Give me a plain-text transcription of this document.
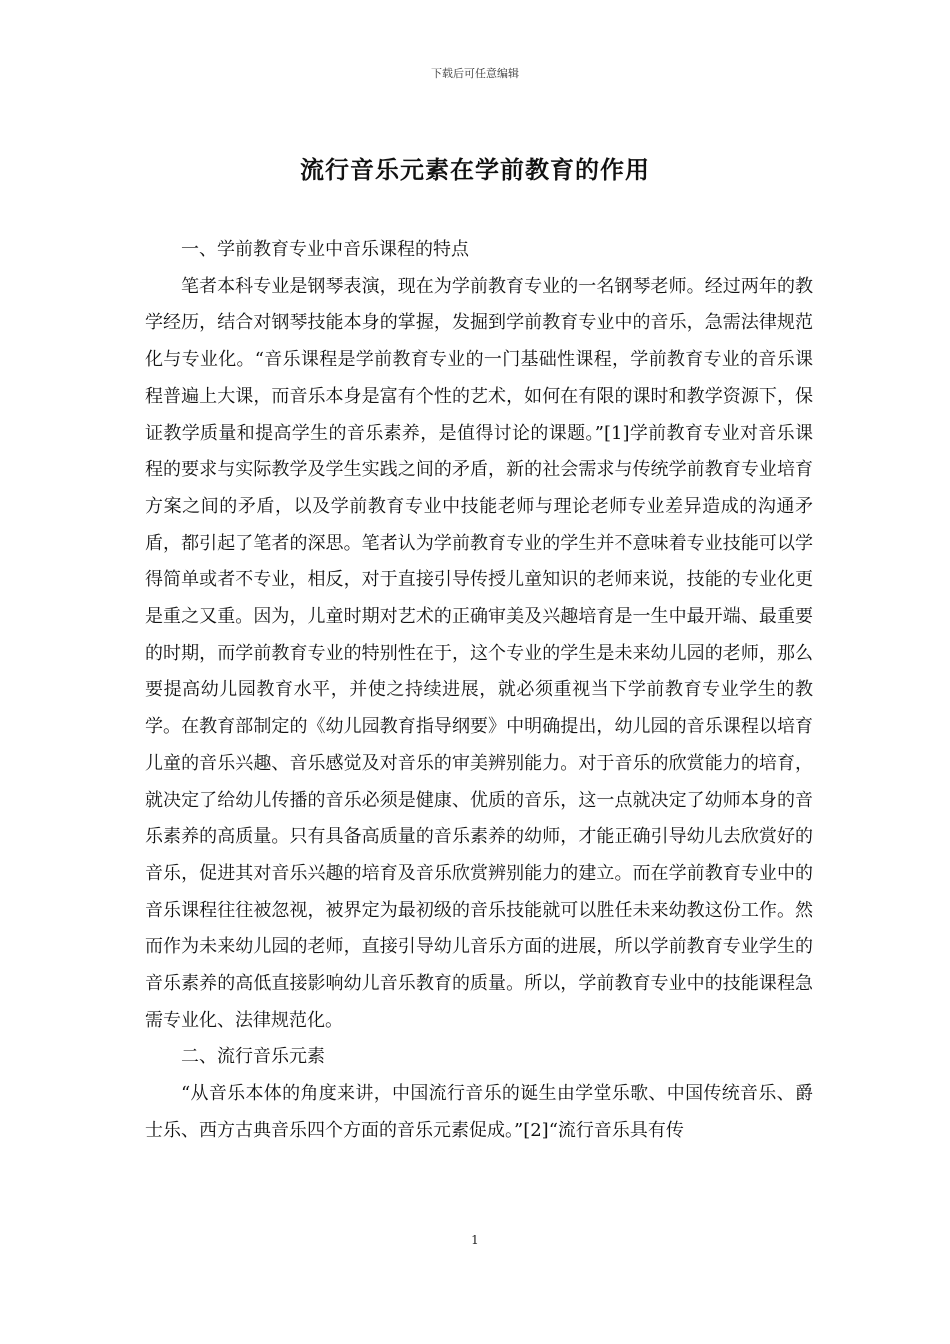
下载后可任意编辑
流行音乐元素在学前教育的作用

一、学前教育专业中音乐课程的特点

笔者本科专业是钢琴表演，现在为学前教育专业的一名钢琴老师。经过两年的教学经历，结合对钢琴技能本身的掌握，发掘到学前教育专业中的音乐，急需法律规范化与专业化。“音乐课程是学前教育专业的一门基础性课程，学前教育专业的音乐课程普遍上大课，而音乐本身是富有个性的艺术，如何在有限的课时和教学资源下，保证教学质量和提高学生的音乐素养，是值得讨论的课题。”[1]学前教育专业对音乐课程的要求与实际教学及学生实践之间的矛盾，新的社会需求与传统学前教育专业培育方案之间的矛盾，以及学前教育专业中技能老师与理论老师专业差异造成的沟通矛盾，都引起了笔者的深思。笔者认为学前教育专业的学生并不意味着专业技能可以学得简单或者不专业，相反，对于直接引导传授儿童知识的老师来说，技能的专业化更是重之又重。因为，儿童时期对艺术的正确审美及兴趣培育是一生中最开端、最重要的时期，而学前教育专业的特别性在于，这个专业的学生是未来幼儿园的老师，那么要提高幼儿园教育水平，并使之持续进展，就必须重视当下学前教育专业学生的教学。在教育部制定的《幼儿园教育指导纲要》中明确提出，幼儿园的音乐课程以培育儿童的音乐兴趣、音乐感觉及对音乐的审美辨别能力。对于音乐的欣赏能力的培育，就决定了给幼儿传播的音乐必须是健康、优质的音乐，这一点就决定了幼师本身的音乐素养的高质量。只有具备高质量的音乐素养的幼师，才能正确引导幼儿去欣赏好的音乐，促进其对音乐兴趣的培育及音乐欣赏辨别能力的建立。而在学前教育专业中的音乐课程往往被忽视，被界定为最初级的音乐技能就可以胜任未来幼教这份工作。然而作为未来幼儿园的老师，直接引导幼儿音乐方面的进展，所以学前教育专业学生的音乐素养的高低直接影响幼儿音乐教育的质量。所以，学前教育专业中的技能课程急需专业化、法律规范化。

二、流行音乐元素

“从音乐本体的角度来讲，中国流行音乐的诞生由学堂乐歌、中国传统音乐、爵士乐、西方古典音乐四个方面的音乐元素促成。”[2]“流行音乐具有传

1
